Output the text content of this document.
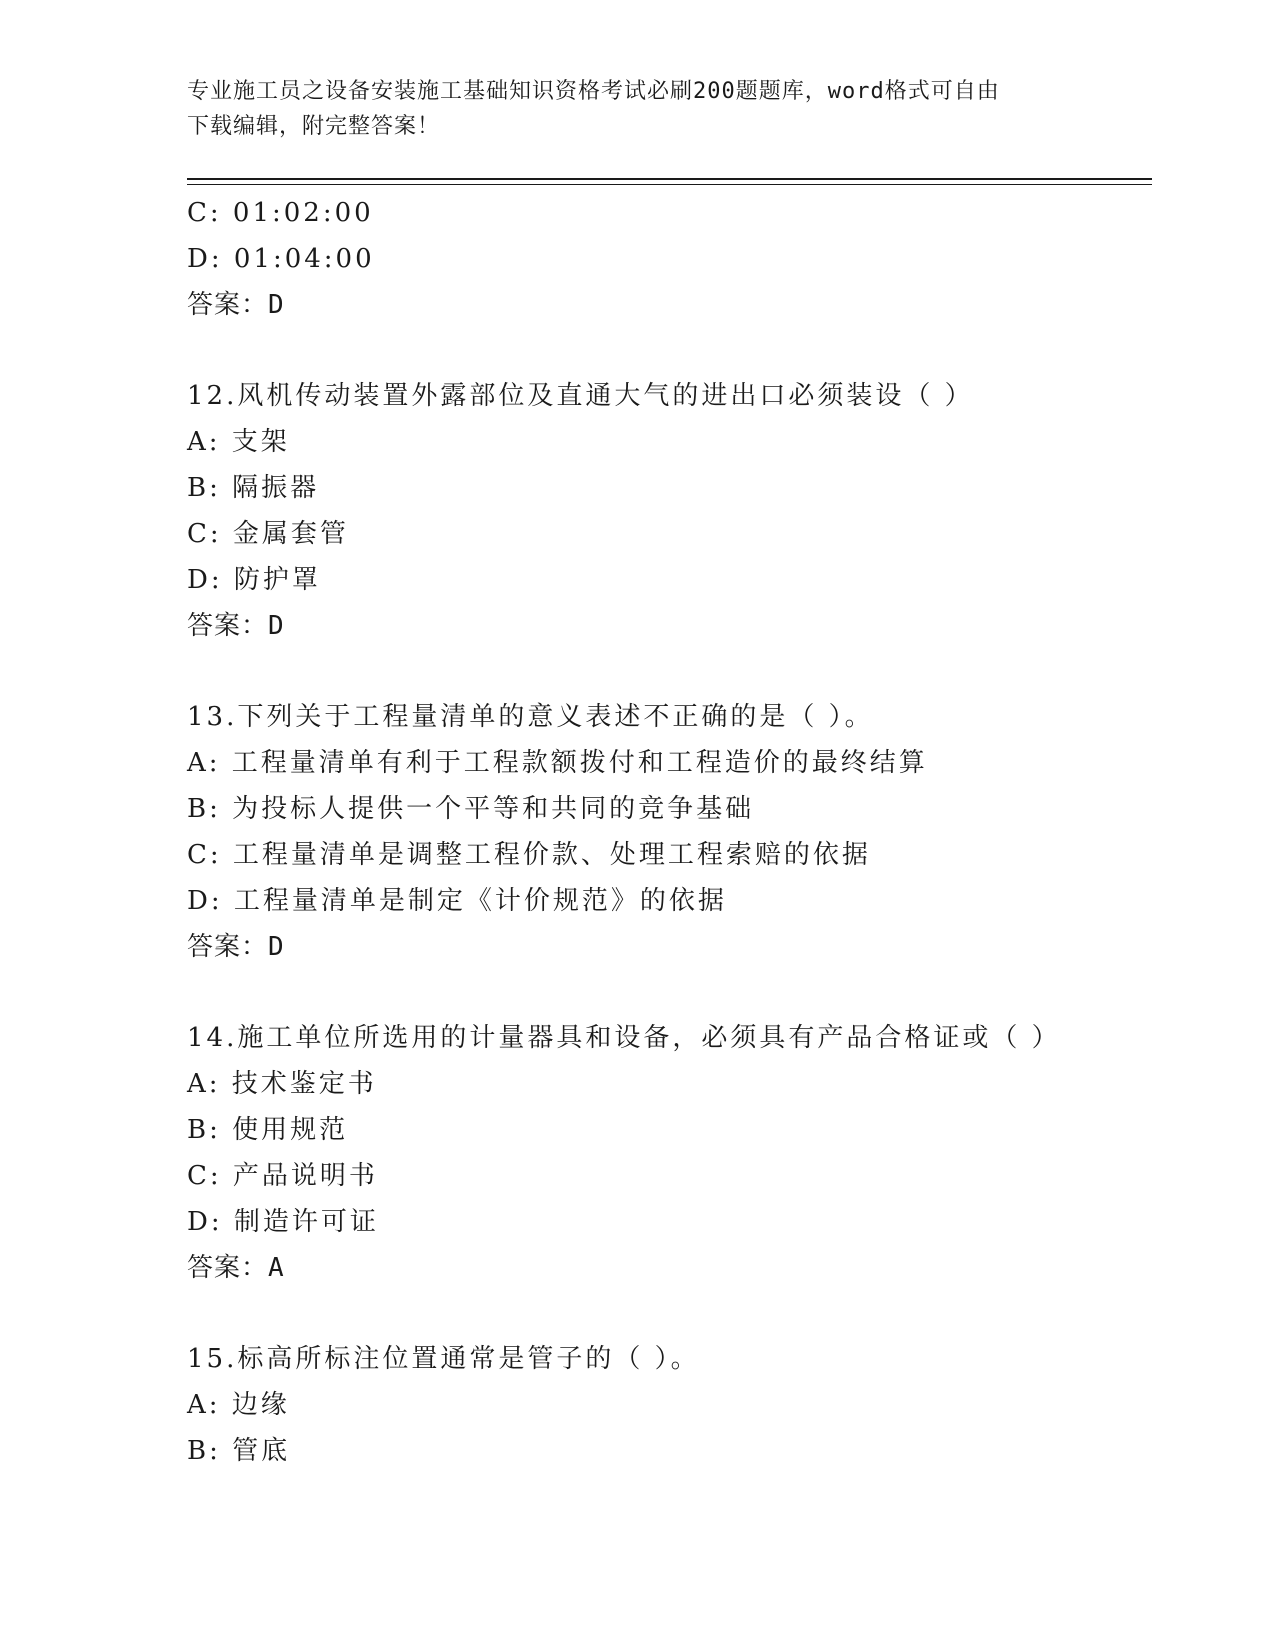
专业施工员之设备安装施工基础知识资格考试必刷200题题库，word格式可自由
下载编辑，附完整答案！
C: 01:02:00
D: 01:04:00
答案：D
12.风机传动装置外露部位及直通大气的进出口必须装设（ ）
A: 支架
B: 隔振器
C: 金属套管
D: 防护罩
答案：D
13.下列关于工程量清单的意义表述不正确的是（ ）。
A: 工程量清单有利于工程款额拨付和工程造价的最终结算
B: 为投标人提供一个平等和共同的竞争基础
C: 工程量清单是调整工程价款、处理工程索赔的依据
D: 工程量清单是制定《计价规范》的依据
答案：D
14.施工单位所选用的计量器具和设备，必须具有产品合格证或（ ）
A: 技术鉴定书
B: 使用规范
C: 产品说明书
D: 制造许可证
答案：A
15.标高所标注位置通常是管子的（ ）。
A: 边缘
B: 管底
